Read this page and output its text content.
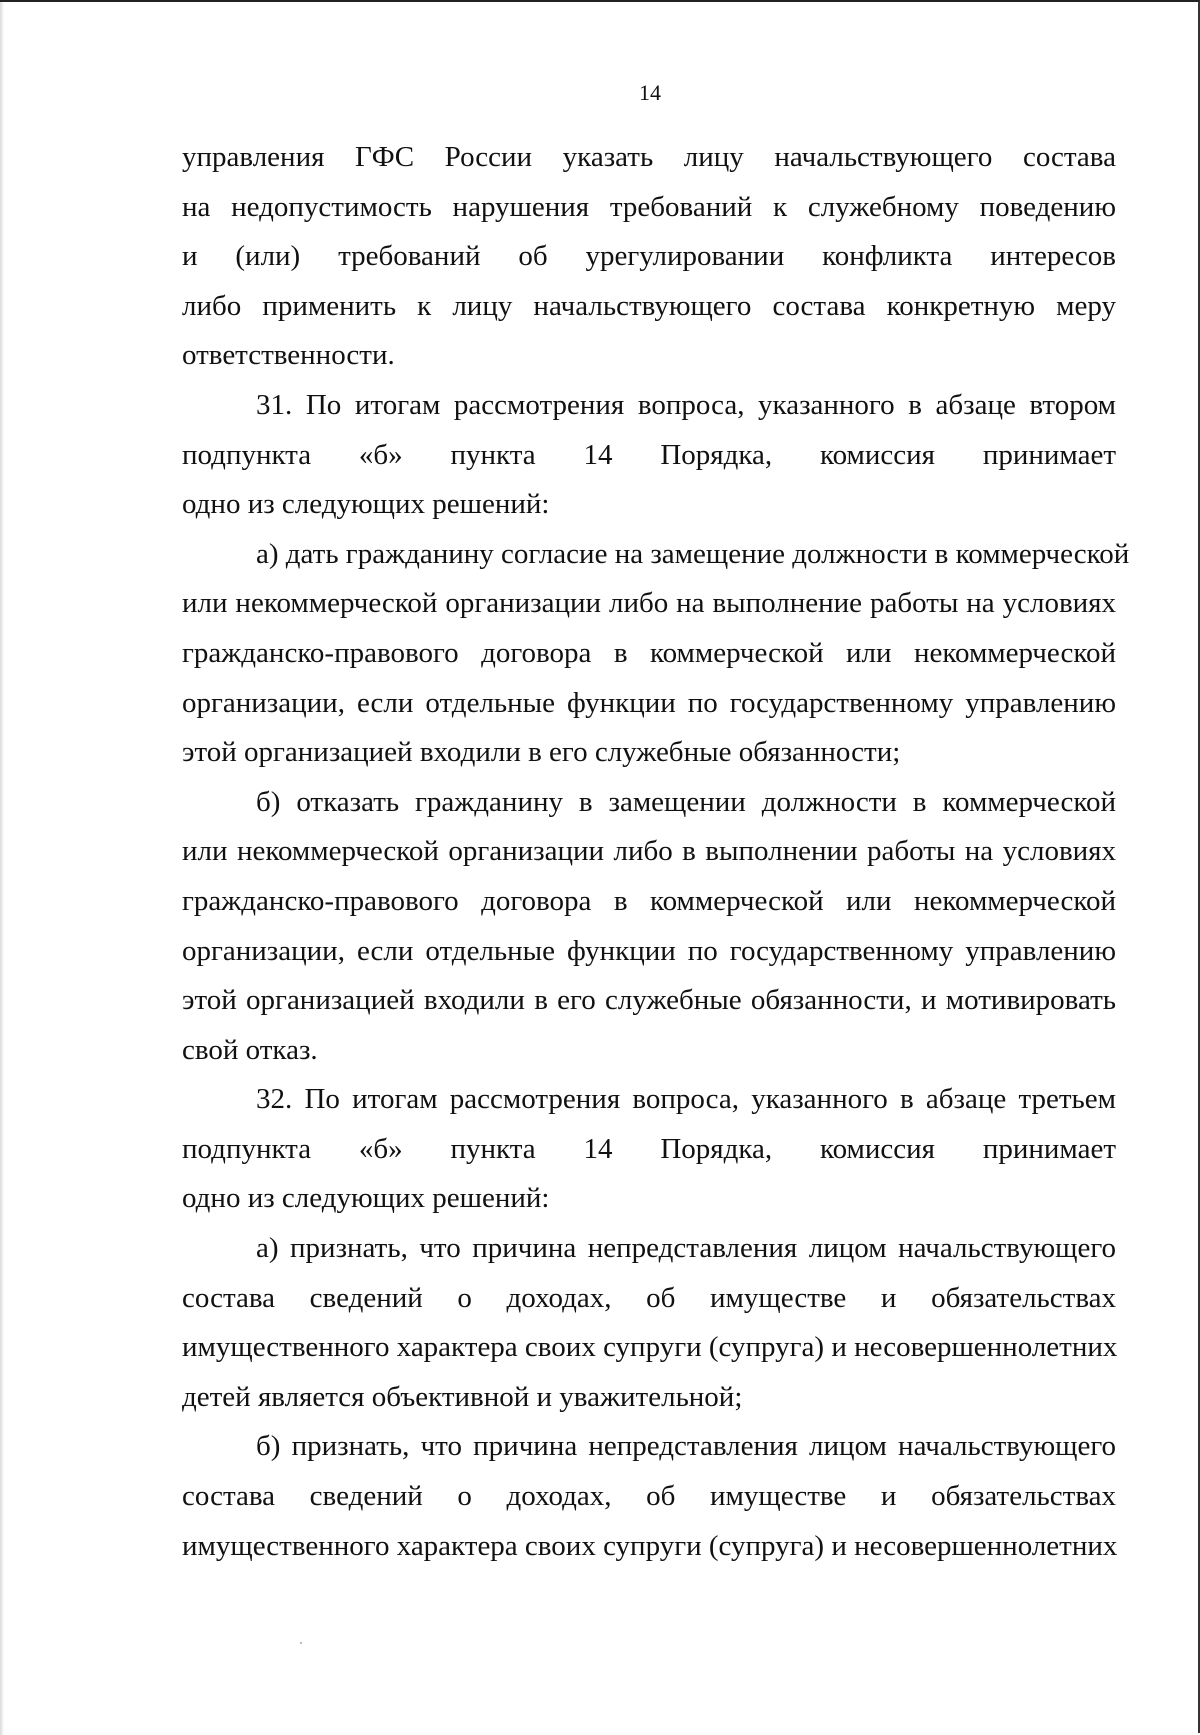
14
управления ГФС России указать лицу начальствующего состава
на недопустимость нарушения требований к служебному поведению
и (или) требований об урегулировании конфликта интересов
либо применить к лицу начальствующего состава конкретную меру
ответственности.
31. По итогам рассмотрения вопроса, указанного в абзаце втором
подпункта «б» пункта 14 Порядка, комиссия принимает
одно из следующих решений:
а) дать гражданину согласие на замещение должности в коммерческой
или некоммерческой организации либо на выполнение работы на условиях
гражданско-правового договора в коммерческой или некоммерческой
организации, если отдельные функции по государственному управлению
этой организацией входили в его служебные обязанности;
б) отказать гражданину в замещении должности в коммерческой
или некоммерческой организации либо в выполнении работы на условиях
гражданско-правового договора в коммерческой или некоммерческой
организации, если отдельные функции по государственному управлению
этой организацией входили в его служебные обязанности, и мотивировать
свой отказ.
32. По итогам рассмотрения вопроса, указанного в абзаце третьем
подпункта «б» пункта 14 Порядка, комиссия принимает
одно из следующих решений:
а) признать, что причина непредставления лицом начальствующего
состава сведений о доходах, об имуществе и обязательствах
имущественного характера своих супруги (супруга) и несовершеннолетних
детей является объективной и уважительной;
б) признать, что причина непредставления лицом начальствующего
состава сведений о доходах, об имуществе и обязательствах
имущественного характера своих супруги (супруга) и несовершеннолетних
